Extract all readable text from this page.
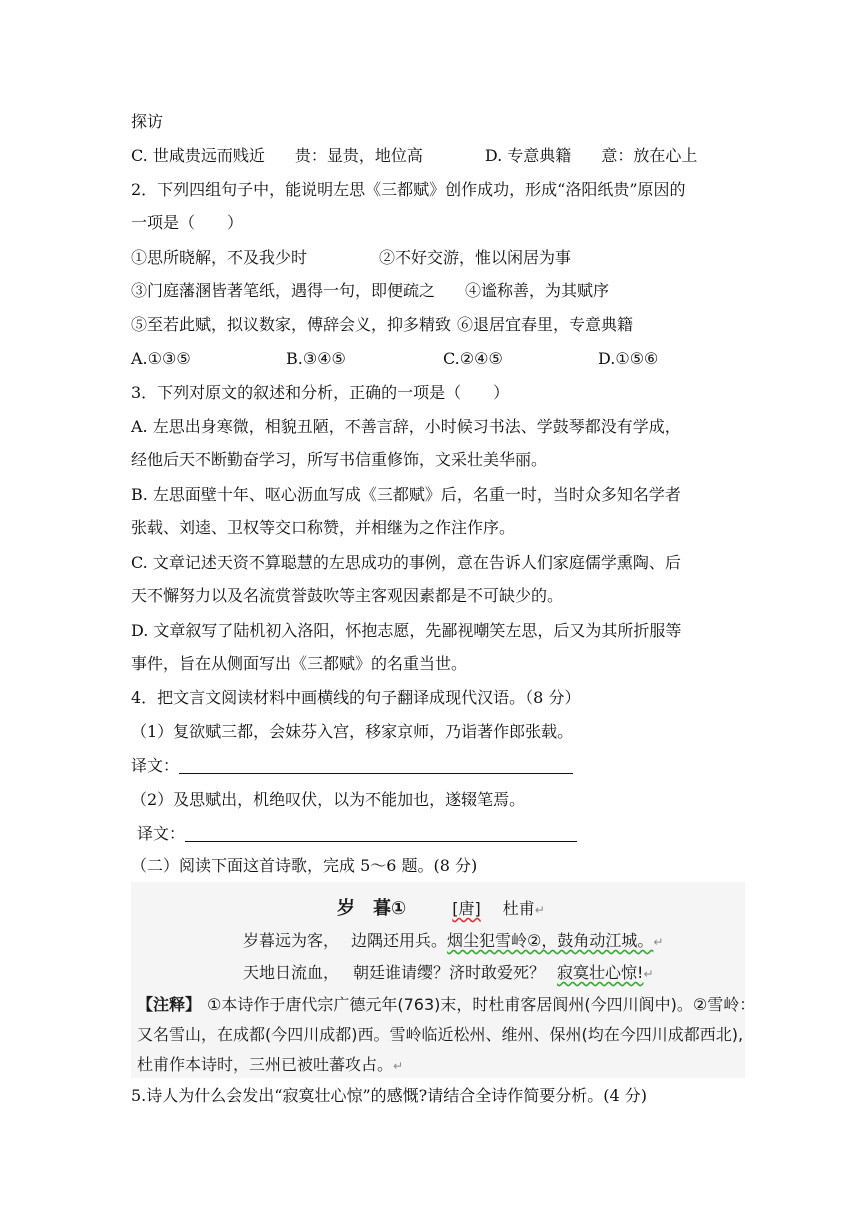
探访
C. 世咸贵远而贱近 贵：显贵，地位高	D. 专意典籍 意：放在心上
2．下列四组句子中，能说明左思《三都赋》创作成功，形成“洛阳纸贵”原因的
一项是（　　）
①思所晓解，不及我少时	②不好交游，惟以闲居为事
③门庭藩溷皆著笔纸，遇得一句，即便疏之 ④谧称善，为其赋序
⑤至若此赋，拟议数家，傅辞会义，抑多精致 ⑥退居宜春里，专意典籍
A.①③⑤	B.③④⑤	C.②④⑤	D.①⑤⑥
3．下列对原文的叙述和分析，正确的一项是（　　）
A. 左思出身寒微，相貌丑陋，不善言辞，小时候习书法、学鼓琴都没有学成，
经他后天不断勤奋学习，所写书信重修饰，文采壮美华丽。
B. 左思面壁十年、呕心沥血写成《三都赋》后，名重一时，当时众多知名学者
张载、刘逵、卫权等交口称赞，并相继为之作注作序。
C. 文章记述天资不算聪慧的左思成功的事例，意在告诉人们家庭儒学熏陶、后
天不懈努力以及名流赏誉鼓吹等主客观因素都是不可缺少的。
D. 文章叙写了陆机初入洛阳，怀抱志愿，先鄙视嘲笑左思，后又为其所折服等
事件，旨在从侧面写出《三都赋》的名重当世。
4．把文言文阅读材料中画横线的句子翻译成现代汉语。（8 分）
（1）复欲赋三都，会妹芬入宫，移家京师，乃诣著作郎张载。
译文：
（2）及思赋出，机绝叹伏，以为不能加也，遂辍笔焉。
译文：
（二）阅读下面这首诗歌，完成 5～6 题。(8 分)
岁　暮①	[唐] 杜甫↵
岁暮远为客， 边隅还用兵。烟尘犯雪岭②，鼓角动江城。↵
天地日流血， 朝廷谁请缨？济时敢爱死？ 寂寞壮心惊!↵
【注释】 ①本诗作于唐代宗广德元年(763)末，时杜甫客居阆州(今四川阆中)。②雪岭：
又名雪山，在成都(今四川成都)西。雪岭临近松州、维州、保州(均在今四川成都西北),
杜甫作本诗时，三州已被吐蕃攻占。↵
5.诗人为什么会发出“寂寞壮心惊”的感慨?请结合全诗作简要分析。(4 分)
